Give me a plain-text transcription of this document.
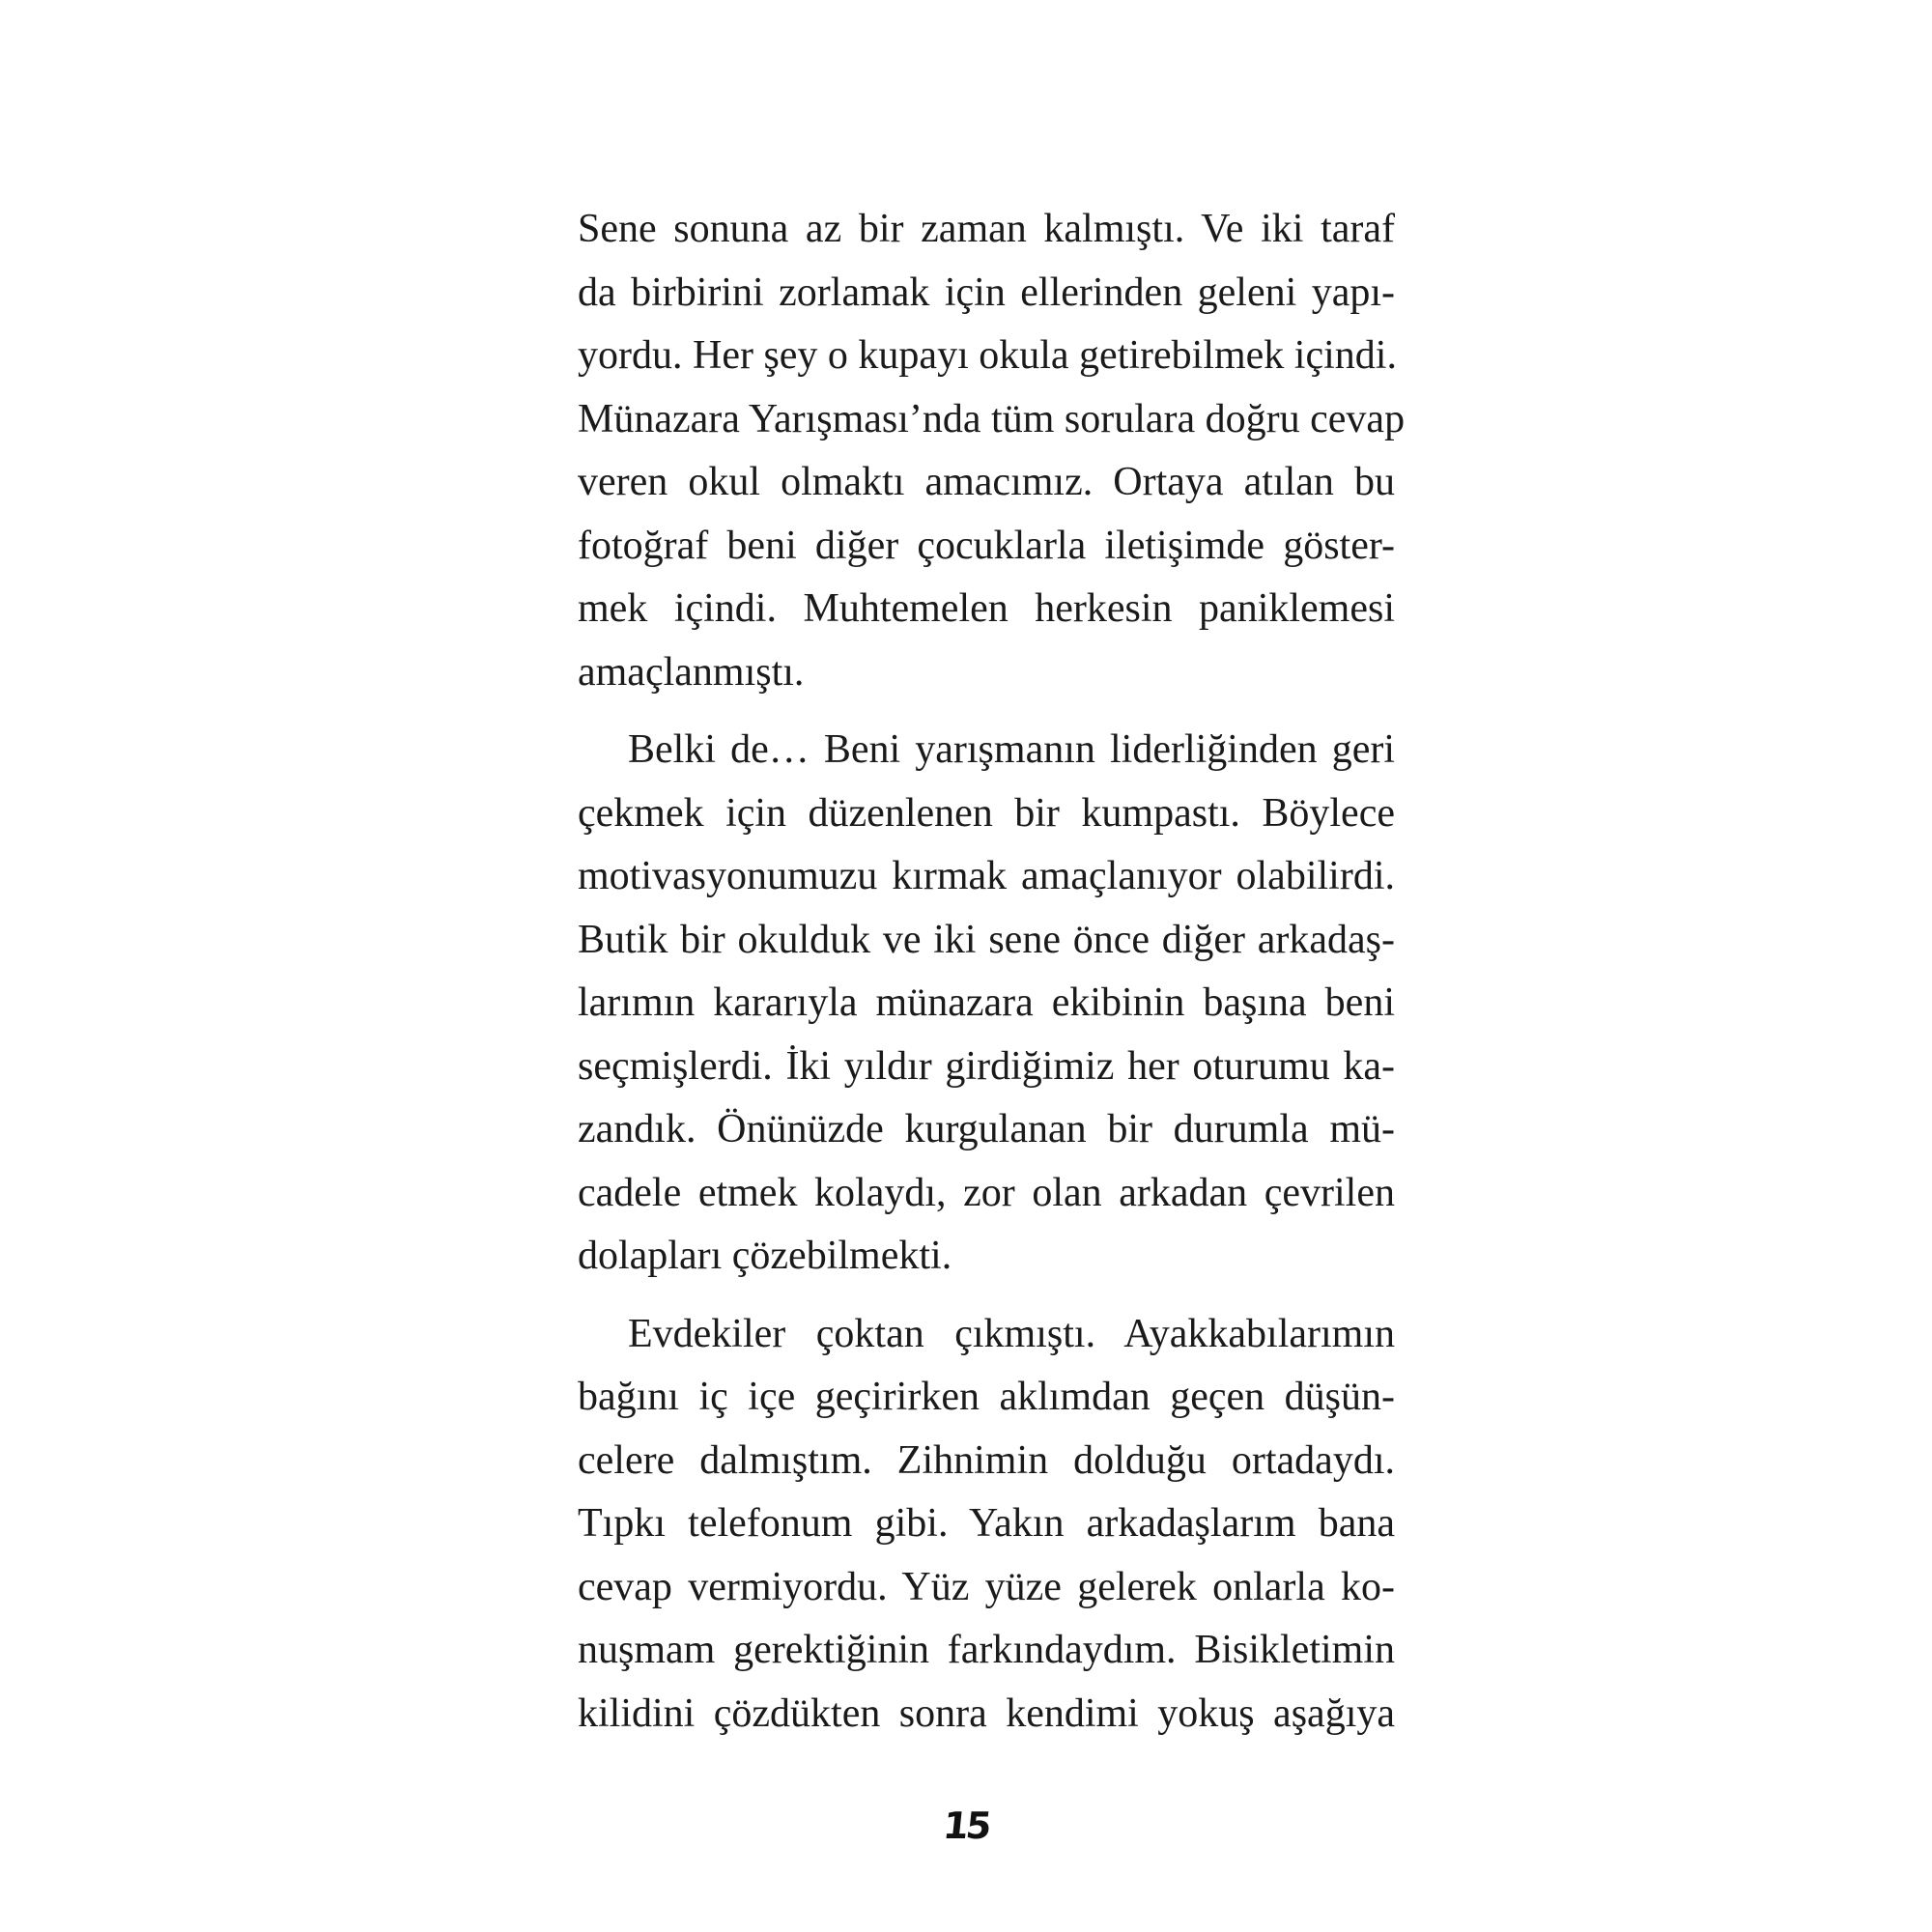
Sene sonuna az bir zaman kalmıştı. Ve iki taraf
da birbirini zorlamak için ellerinden geleni yapı-
yordu. Her şey o kupayı okula getirebilmek içindi.
Münazara Yarışması’nda tüm sorulara doğru cevap
veren okul olmaktı amacımız. Ortaya atılan bu
fotoğraf beni diğer çocuklarla iletişimde göster-
mek içindi. Muhtemelen herkesin paniklemesi
amaçlanmıştı.

Belki de… Beni yarışmanın liderliğinden geri
çekmek için düzenlenen bir kumpastı. Böylece
motivasyonumuzu kırmak amaçlanıyor olabilirdi.
Butik bir okulduk ve iki sene önce diğer arkadaş-
larımın kararıyla münazara ekibinin başına beni
seçmişlerdi. İki yıldır girdiğimiz her oturumu ka-
zandık. Önünüzde kurgulanan bir durumla mü-
cadele etmek kolaydı, zor olan arkadan çevrilen
dolapları çözebilmekti.

Evdekiler çoktan çıkmıştı. Ayakkabılarımın
bağını iç içe geçirirken aklımdan geçen düşün-
celere dalmıştım. Zihnimin dolduğu ortadaydı.
Tıpkı telefonum gibi. Yakın arkadaşlarım bana
cevap vermiyordu. Yüz yüze gelerek onlarla ko-
nuşmam gerektiğinin farkındaydım. Bisikletimin
kilidini çözdükten sonra kendimi yokuş aşağıya

15
